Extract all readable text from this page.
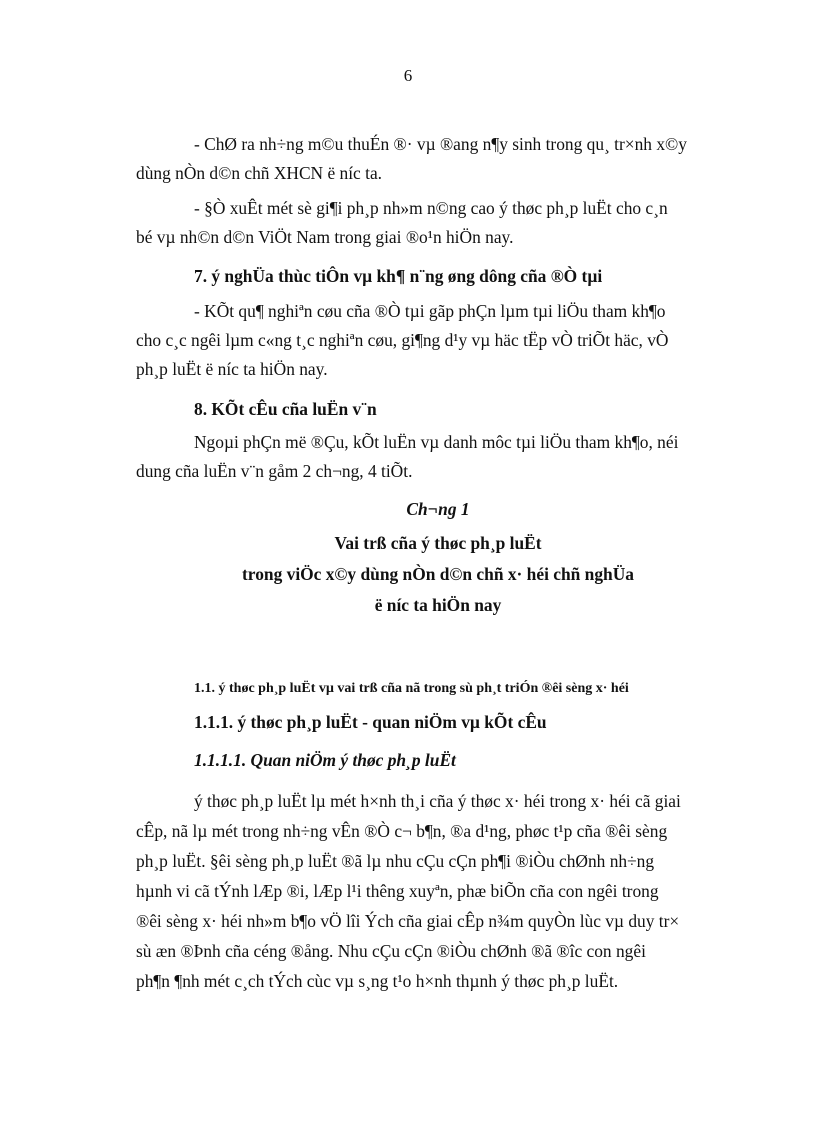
6
- ChØ ra nh÷ng m©u thuÉn ®· vµ ®ang n¶y sinh trong qu¸ tr×nh x©y
dùng nÒn d©n chñ XHCN ë níc ta.
- §Ò xuÊt mét sè gi¶i ph¸p nh»m n©ng cao ý thøc ph¸p luËt cho c¸n
bé vµ nh©n d©n ViÖt Nam trong giai ®o¹n hiÖn nay.
7. ý nghÜa thùc tiÔn vµ kh¶ n¨ng øng dông cña ®Ò tµi
- KÕt qu¶ nghiªn cøu cña ®Ò tµi gãp phÇn lµm tµi liÖu tham kh¶o
cho c¸c ngêi lµm c«ng t¸c nghiªn cøu, gi¶ng d¹y vµ häc tËp vÒ triÕt häc, vÒ
ph¸p luËt ë níc ta hiÖn nay.
8. KÕt cÊu cña luËn v¨n
Ngoµi phÇn më ®Çu, kÕt luËn vµ danh môc tµi liÖu tham kh¶o, néi
dung cña luËn v¨n gåm 2 ch¬ng, 4 tiÕt.
Ch¬ng 1
Vai trß cña ý thøc ph¸p luËt
trong viÖc x©y dùng nÒn d©n chñ x· héi chñ nghÜa
ë níc ta hiÖn nay
1.1. ý thøc ph¸p luËt vµ vai trß cña nã trong sù ph¸t triÓn ®êi sèng x· héi
1.1.1. ý thøc ph¸p luËt - quan niÖm vµ kÕt cÊu
1.1.1.1. Quan niÖm ý thøc ph¸p luËt
ý thøc ph¸p luËt lµ mét h×nh th¸i cña ý thøc x· héi trong x· héi cã giai
cÊp, nã lµ mét trong nh÷ng vÊn ®Ò c¬ b¶n, ®a d¹ng, phøc t¹p cña ®êi sèng
ph¸p luËt. §êi sèng ph¸p luËt ®ã lµ nhu cÇu cÇn ph¶i ®iÒu chØnh nh÷ng
hµnh vi cã tÝnh lÆp ®i, lÆp l¹i thêng xuyªn, phæ biÕn cña con ngêi trong
®êi sèng x· héi nh»m b¶o vÖ lîi Ých cña giai cÊp n¾m quyÒn lùc vµ duy tr×
sù æn ®Þnh cña céng ®ång. Nhu cÇu cÇn ®iÒu chØnh ®ã ®îc con ngêi
ph¶n ¶nh mét c¸ch tÝch cùc vµ s¸ng t¹o h×nh thµnh ý thøc ph¸p luËt.
